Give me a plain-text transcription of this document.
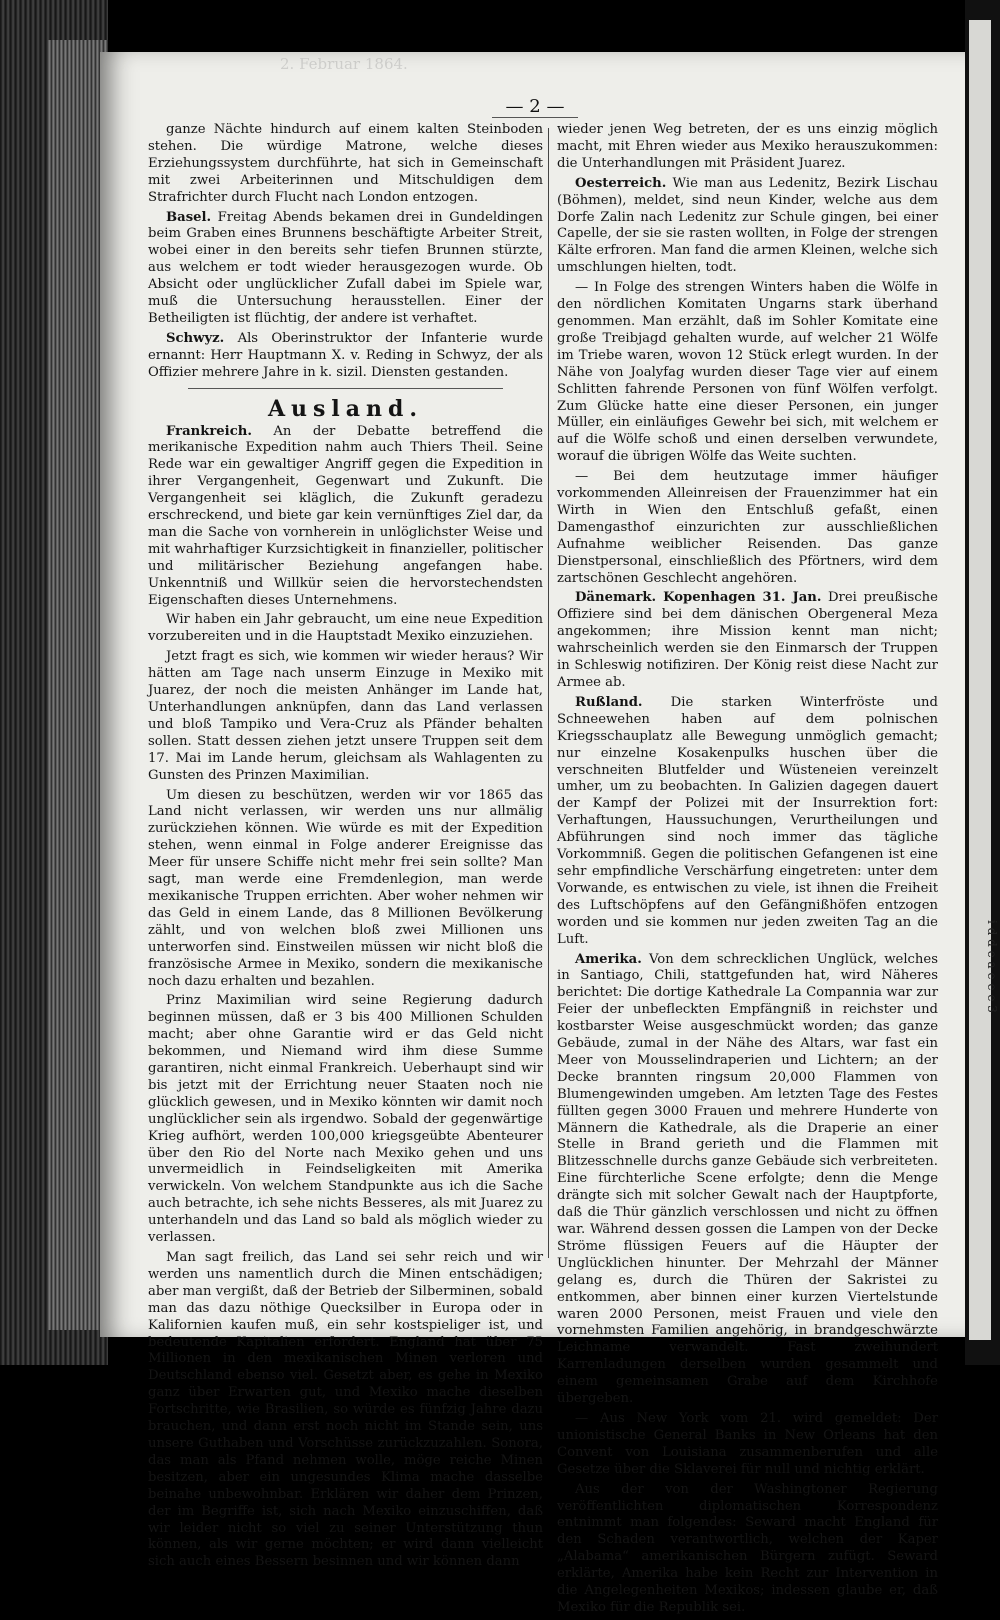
i d d e a e e e 3
2. Februar 1864.
— 2 —

ganze Nächte hindurch auf einem kalten Steinboden stehen. Die würdige Matrone, welche dieses Erziehungssystem durchführte, hat sich in Gemeinschaft mit zwei Arbeiterinnen und Mitschuldigen dem Strafrichter durch Flucht nach London entzogen.

Basel. Freitag Abends bekamen drei in Gundeldingen beim Graben eines Brunnens beschäftigte Arbeiter Streit, wobei einer in den bereits sehr tiefen Brunnen stürzte, aus welchem er todt wieder herausgezogen wurde. Ob Absicht oder unglücklicher Zufall dabei im Spiele war, muß die Untersuchung herausstellen. Einer der Betheiligten ist flüchtig, der andere ist verhaftet.

Schwyz. Als Oberinstruktor der Infanterie wurde ernannt: Herr Hauptmann X. v. Reding in Schwyz, der als Offizier mehrere Jahre in k. sizil. Diensten gestanden.

Ausland.

Frankreich. An der Debatte betreffend die merikanische Expedition nahm auch Thiers Theil. Seine Rede war ein gewaltiger Angriff gegen die Expedition in ihrer Vergangenheit, Gegenwart und Zukunft. Die Vergangenheit sei kläglich, die Zukunft geradezu erschreckend, und biete gar kein vernünftiges Ziel dar, da man die Sache von vornherein in unlöglichster Weise und mit wahrhaftiger Kurzsichtigkeit in finanzieller, politischer und militärischer Beziehung angefangen habe. Unkenntniß und Willkür seien die hervorstechendsten Eigenschaften dieses Unternehmens.

Wir haben ein Jahr gebraucht, um eine neue Expedition vorzubereiten und in die Hauptstadt Mexiko einzuziehen.

Jetzt fragt es sich, wie kommen wir wieder heraus? Wir hätten am Tage nach unserm Einzuge in Mexiko mit Juarez, der noch die meisten Anhänger im Lande hat, Unterhandlungen anknüpfen, dann das Land verlassen und bloß Tampiko und Vera-Cruz als Pfänder behalten sollen. Statt dessen ziehen jetzt unsere Truppen seit dem 17. Mai im Lande herum, gleichsam als Wahlagenten zu Gunsten des Prinzen Maximilian.

Um diesen zu beschützen, werden wir vor 1865 das Land nicht verlassen, wir werden uns nur allmälig zurückziehen können. Wie würde es mit der Expedition stehen, wenn einmal in Folge anderer Ereignisse das Meer für unsere Schiffe nicht mehr frei sein sollte? Man sagt, man werde eine Fremdenlegion, man werde mexikanische Truppen errichten. Aber woher nehmen wir das Geld in einem Lande, das 8 Millionen Bevölkerung zählt, und von welchen bloß zwei Millionen uns unterworfen sind. Einstweilen müssen wir nicht bloß die französische Armee in Mexiko, sondern die mexikanische noch dazu erhalten und bezahlen.

Prinz Maximilian wird seine Regierung dadurch beginnen müssen, daß er 3 bis 400 Millionen Schulden macht; aber ohne Garantie wird er das Geld nicht bekommen, und Niemand wird ihm diese Summe garantiren, nicht einmal Frankreich. Ueberhaupt sind wir bis jetzt mit der Errichtung neuer Staaten noch nie glücklich gewesen, und in Mexiko könnten wir damit noch unglücklicher sein als irgendwo. Sobald der gegenwärtige Krieg aufhört, werden 100,000 kriegsgeübte Abenteurer über den Rio del Norte nach Mexiko gehen und uns unvermeidlich in Feindseligkeiten mit Amerika verwickeln. Von welchem Standpunkte aus ich die Sache auch betrachte, ich sehe nichts Besseres, als mit Juarez zu unterhandeln und das Land so bald als möglich wieder zu verlassen.

Man sagt freilich, das Land sei sehr reich und wir werden uns namentlich durch die Minen entschädigen; aber man vergißt, daß der Betrieb der Silberminen, sobald man das dazu nöthige Quecksilber in Europa oder in Kalifornien kaufen muß, ein sehr kostspieliger ist, und bedeutende Kapitalien erfordert. England hat über 75 Millionen in den mexikanischen Minen verloren und Deutschland ebenso viel. Gesetzt aber, es gehe in Mexiko ganz über Erwarten gut, und Mexiko mache dieselben Fortschritte, wie Brasilien, so würde es fünfzig Jahre dazu brauchen, und dann erst noch nicht im Stande sein, uns unsere Guthaben und Vorschüsse zurückzuzahlen. Sonora, das man als Pfand nehmen wolle, möge reiche Minen besitzen, aber ein ungesundes Klima mache dasselbe beinahe unbewohnbar. Erklären wir daher dem Prinzen, der im Begriffe ist, sich nach Mexiko einzuschiffen, daß wir leider nicht so viel zu seiner Unterstützung thun können, als wir gerne möchten; er wird dann vielleicht sich auch eines Bessern besinnen und wir können dann

wieder jenen Weg betreten, der es uns einzig möglich macht, mit Ehren wieder aus Mexiko herauszukommen: die Unterhandlungen mit Präsident Juarez.

Oesterreich. Wie man aus Ledenitz, Bezirk Lischau (Böhmen), meldet, sind neun Kinder, welche aus dem Dorfe Zalin nach Ledenitz zur Schule gingen, bei einer Capelle, der sie sie rasten wollten, in Folge der strengen Kälte erfroren. Man fand die armen Kleinen, welche sich umschlungen hielten, todt.

— In Folge des strengen Winters haben die Wölfe in den nördlichen Komitaten Ungarns stark überhand genommen. Man erzählt, daß im Sohler Komitate eine große Treibjagd gehalten wurde, auf welcher 21 Wölfe im Triebe waren, wovon 12 Stück erlegt wurden. In der Nähe von Joalyfag wurden dieser Tage vier auf einem Schlitten fahrende Personen von fünf Wölfen verfolgt. Zum Glücke hatte eine dieser Personen, ein junger Müller, ein einläufiges Gewehr bei sich, mit welchem er auf die Wölfe schoß und einen derselben verwundete, worauf die übrigen Wölfe das Weite suchten.

— Bei dem heutzutage immer häufiger vorkommenden Alleinreisen der Frauenzimmer hat ein Wirth in Wien den Entschluß gefaßt, einen Damengasthof einzurichten zur ausschließlichen Aufnahme weiblicher Reisenden. Das ganze Dienstpersonal, einschließlich des Pförtners, wird dem zartschönen Geschlecht angehören.

Dänemark. Kopenhagen 31. Jan. Drei preußische Offiziere sind bei dem dänischen Obergeneral Meza angekommen; ihre Mission kennt man nicht; wahrscheinlich werden sie den Einmarsch der Truppen in Schleswig notifiziren. Der König reist diese Nacht zur Armee ab.

Rußland. Die starken Winterfröste und Schneewehen haben auf dem polnischen Kriegsschauplatz alle Bewegung unmöglich gemacht; nur einzelne Kosakenpulks huschen über die verschneiten Blutfelder und Wüsteneien vereinzelt umher, um zu beobachten. In Galizien dagegen dauert der Kampf der Polizei mit der Insurrektion fort: Verhaftungen, Haussuchungen, Verurtheilungen und Abführungen sind noch immer das tägliche Vorkommniß. Gegen die politischen Gefangenen ist eine sehr empfindliche Verschärfung eingetreten: unter dem Vorwande, es entwischen zu viele, ist ihnen die Freiheit des Luftschöpfens auf den Gefängnißhöfen entzogen worden und sie kommen nur jeden zweiten Tag an die Luft.

Amerika. Von dem schrecklichen Unglück, welches in Santiago, Chili, stattgefunden hat, wird Näheres berichtet: Die dortige Kathedrale La Compannia war zur Feier der unbefleckten Empfängniß in reichster und kostbarster Weise ausgeschmückt worden; das ganze Gebäude, zumal in der Nähe des Altars, war fast ein Meer von Mousselindraperien und Lichtern; an der Decke brannten ringsum 20,000 Flammen von Blumengewinden umgeben. Am letzten Tage des Festes füllten gegen 3000 Frauen und mehrere Hunderte von Männern die Kathedrale, als die Draperie an einer Stelle in Brand gerieth und die Flammen mit Blitzesschnelle durchs ganze Gebäude sich verbreiteten. Eine fürchterliche Scene erfolgte; denn die Menge drängte sich mit solcher Gewalt nach der Hauptpforte, daß die Thür gänzlich verschlossen und nicht zu öffnen war. Während dessen gossen die Lampen von der Decke Ströme flüssigen Feuers auf die Häupter der Unglücklichen hinunter. Der Mehrzahl der Männer gelang es, durch die Thüren der Sakristei zu entkommen, aber binnen einer kurzen Viertelstunde waren 2000 Personen, meist Frauen und viele den vornehmsten Familien angehörig, in brandgeschwärzte Leichname verwandelt. Fast zweihundert Karrenladungen derselben wurden gesammelt und einem gemeinsamen Grabe auf dem Kirchhofe übergeben.

— Aus New York vom 21. wird gemeldet: Der unionistische General Banks in New Orleans hat den Convent von Louisiana zusammenberufen und alle Gesetze über die Sklaverei für null und nichtig erklärt.

Aus der von der Washingtoner Regierung veröffentlichten diplomatischen Korrespondenz entnimmt man folgendes: Seward macht England für den Schaden verantwortlich, welchen der Kaper „Alabama“ amerikanischen Bürgern zufügt. Seward erklärte, Amerika habe kein Recht zur Intervention in die Angelegenheiten Mexikos; indessen glaube er, daß Mexiko für die Republik sei.
